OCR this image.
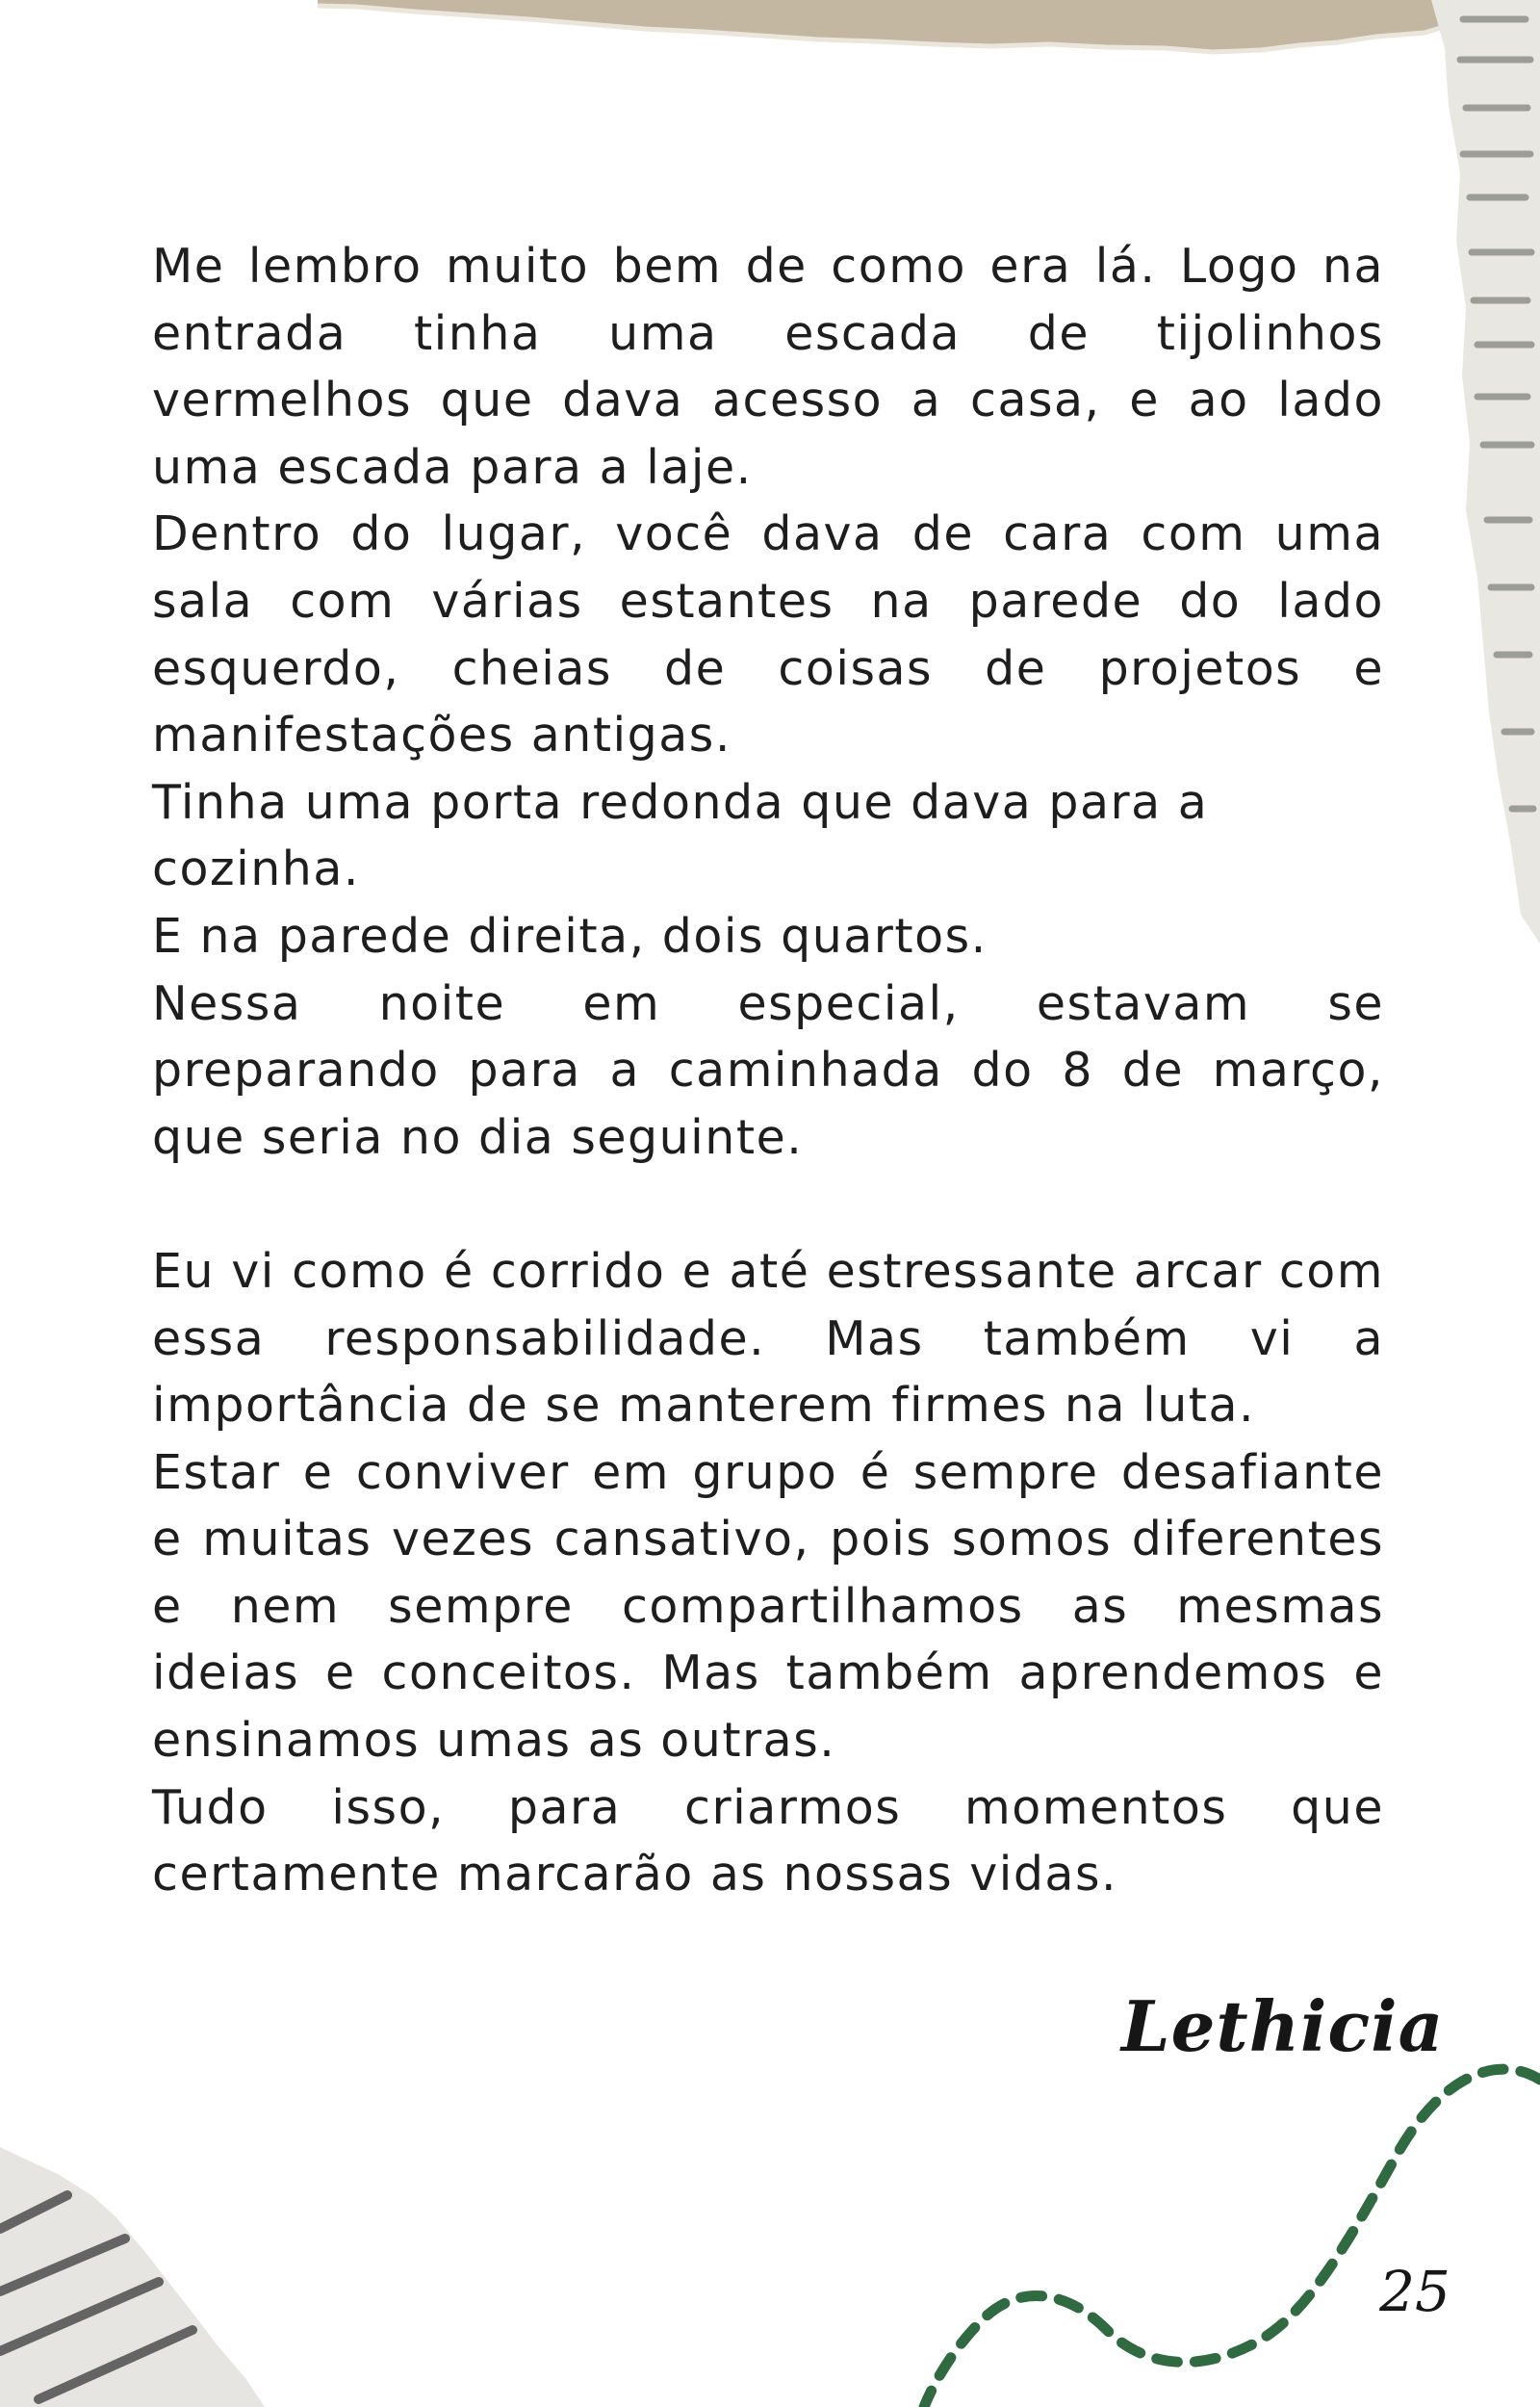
Me lembro muito bem de como era lá. Logo na entrada tinha uma escada de tijolinhos vermelhos que dava acesso a casa, e ao lado uma escada para a laje.

Dentro do lugar, você dava de cara com uma sala com várias estantes na parede do lado esquerdo, cheias de coisas de projetos e manifestações antigas.

Tinha uma porta redonda que dava para a cozinha.

E na parede direita, dois quartos.

Nessa noite em especial, estavam se preparando para a caminhada do 8 de março, que seria no dia seguinte.

Eu vi como é corrido e até estressante arcar com essa responsabilidade. Mas também vi a importância de se manterem firmes na luta.

Estar e conviver em grupo é sempre desafiante e muitas vezes cansativo, pois somos diferentes e nem sempre compartilhamos as mesmas ideias e conceitos. Mas também aprendemos e ensinamos umas as outras.

Tudo isso, para criarmos momentos que certamente marcarão as nossas vidas.

Lethicia
25
